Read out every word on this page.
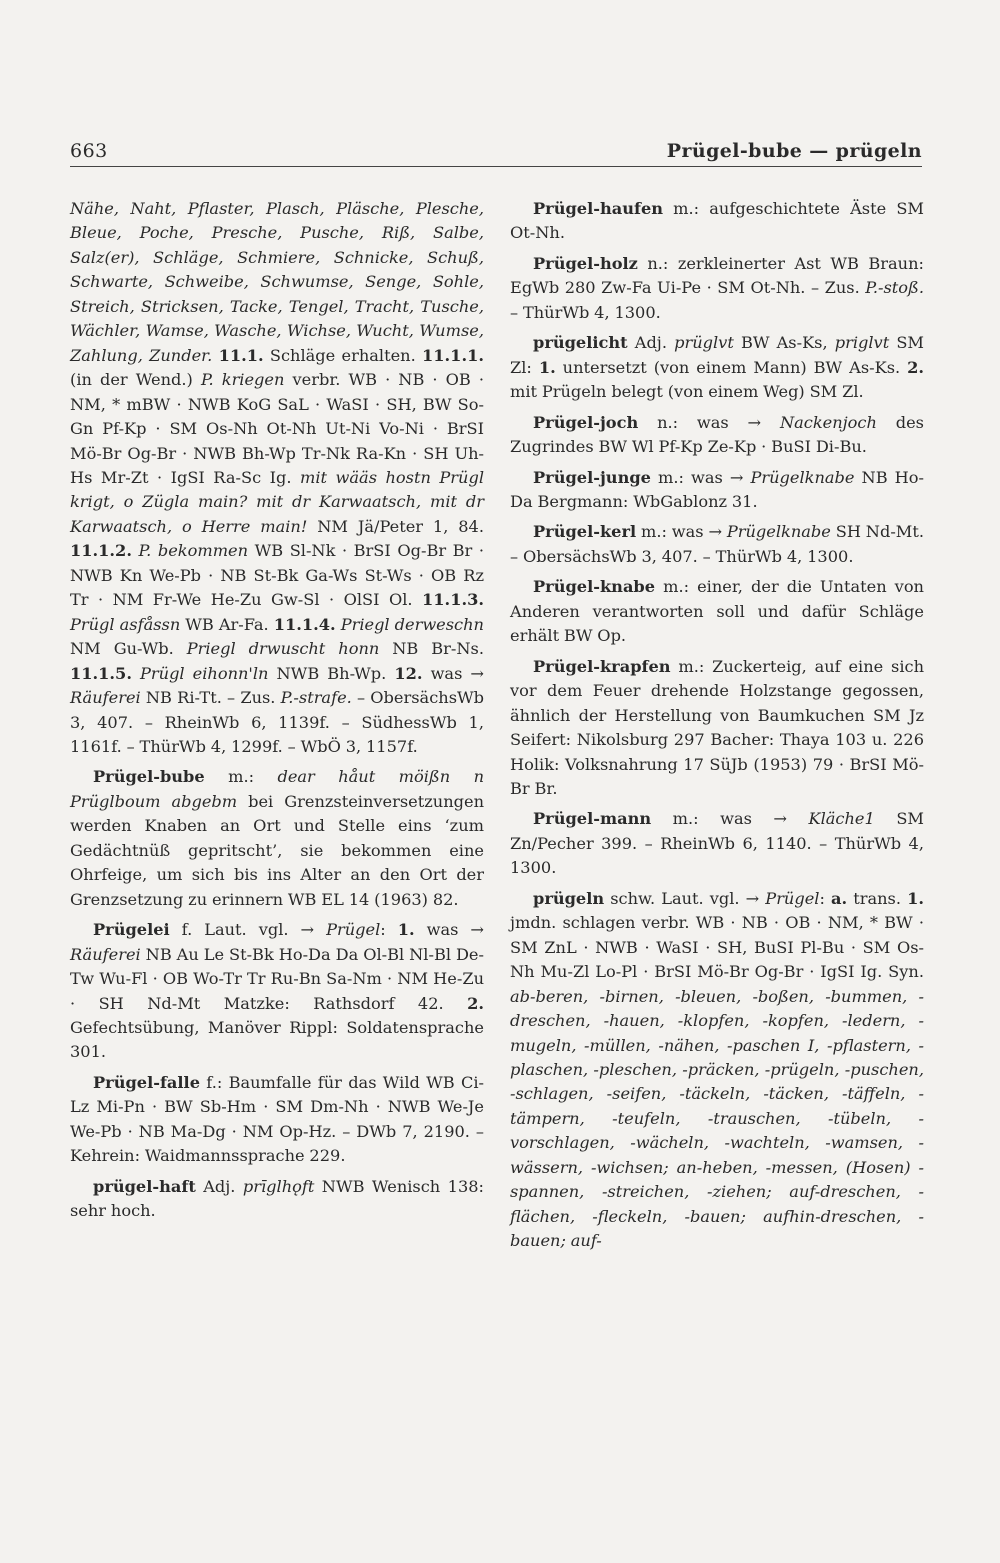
663	Prügel-bube — prügeln

Nähe, Naht, Pflaster, Plasch, Pläsche, Plesche, Bleue, Poche, Presche, Pusche, Riß, Salbe, Salz(er), Schläge, Schmiere, Schnicke, Schuß, Schwarte, Schweibe, Schwumse, Senge, Sohle, Streich, Stricksen, Tacke, Tengel, Tracht, Tusche, Wächler, Wamse, Wasche, Wichse, Wucht, Wumse, Zahlung, Zunder. 11.1. Schläge erhalten. 11.1.1. (in der Wend.) P. kriegen verbr. WB · NB · OB · NM, * mBW · NWB KoG SaL · WaSI · SH, BW So-Gn Pf-Kp · SM Os-Nh Ot-Nh Ut-Ni Vo-Ni · BrSI Mö-Br Og-Br · NWB Bh-Wp Tr-Nk Ra-Kn · SH Uh-Hs Mr-Zt · IgSI Ra-Sc Ig. mit wääs hostn Prügl krigt, o Zügla main? mit dr Karwaatsch, mit dr Karwaatsch, o Herre main! NM Jä/Peter 1, 84. 11.1.2. P. bekommen WB Sl-Nk · BrSI Og-Br Br · NWB Kn We-Pb · NB St-Bk Ga-Ws St-Ws · OB Rz Tr · NM Fr-We He-Zu Gw-Sl · OlSI Ol. 11.1.3. Prügl asfåssn WB Ar-Fa. 11.1.4. Priegl derweschn NM Gu-Wb. Priegl drwuscht honn NB Br-Ns. 11.1.5. Prügl eihonn'ln NWB Bh-Wp. 12. was → Räuferei NB Ri-Tt. – Zus. P.-strafe. – ObersächsWb 3, 407. – RheinWb 6, 1139f. – SüdhessWb 1, 1161f. – ThürWb 4, 1299f. – WbÖ 3, 1157f.

Prügel-bube m.: dear håut möißn n Prüglboum abgebm bei Grenzsteinversetzungen werden Knaben an Ort und Stelle eins ‘zum Gedächtnüß gepritscht’, sie bekommen eine Ohrfeige, um sich bis ins Alter an den Ort der Grenzsetzung zu erinnern WB EL 14 (1963) 82.

Prügelei f. Laut. vgl. → Prügel: 1. was → Räuferei NB Au Le St-Bk Ho-Da Da Ol-Bl Nl-Bl De-Tw Wu-Fl · OB Wo-Tr Tr Ru-Bn Sa-Nm · NM He-Zu · SH Nd-Mt Matzke: Rathsdorf 42. 2. Gefechtsübung, Manöver Rippl: Soldatensprache 301.

Prügel-falle f.: Baumfalle für das Wild WB Ci-Lz Mi-Pn · BW Sb-Hm · SM Dm-Nh · NWB We-Je We-Pb · NB Ma-Dg · NM Op-Hz. – DWb 7, 2190. – Kehrein: Waidmannssprache 229.

prügel-haft Adj. prīglhǫft NWB Wenisch 138: sehr hoch.

Prügel-haufen m.: aufgeschichtete Äste SM Ot-Nh.

Prügel-holz n.: zerkleinerter Ast WB Braun: EgWb 280 Zw-Fa Ui-Pe · SM Ot-Nh. – Zus. P.-stoß. – ThürWb 4, 1300.

prügelicht Adj. prüglvt BW As-Ks, priglvt SM Zl: 1. untersetzt (von einem Mann) BW As-Ks. 2. mit Prügeln belegt (von einem Weg) SM Zl.

Prügel-joch n.: was → Nackenjoch des Zugrindes BW Wl Pf-Kp Ze-Kp · BuSI Di-Bu.

Prügel-junge m.: was → Prügelknabe NB Ho-Da Bergmann: WbGablonz 31.

Prügel-kerl m.: was → Prügelknabe SH Nd-Mt. – ObersächsWb 3, 407. – ThürWb 4, 1300.

Prügel-knabe m.: einer, der die Untaten von Anderen verantworten soll und dafür Schläge erhält BW Op.

Prügel-krapfen m.: Zuckerteig, auf eine sich vor dem Feuer drehende Holzstange gegossen, ähnlich der Herstellung von Baumkuchen SM Jz Seifert: Nikolsburg 297 Bacher: Thaya 103 u. 226 Holik: Volksnahrung 17 SüJb (1953) 79 · BrSI Mö-Br Br.

Prügel-mann m.: was → Kläche1 SM Zn/Pecher 399. – RheinWb 6, 1140. – ThürWb 4, 1300.

prügeln schw. Laut. vgl. → Prügel: a. trans. 1. jmdn. schlagen verbr. WB · NB · OB · NM, * BW · SM ZnL · NWB · WaSI · SH, BuSI Pl-Bu · SM Os-Nh Mu-Zl Lo-Pl · BrSI Mö-Br Og-Br · IgSI Ig. Syn. ab-beren, -birnen, -bleuen, -boßen, -bummen, -dreschen, -hauen, -klopfen, -kopfen, -ledern, -mugeln, -müllen, -nähen, -paschen I, -pflastern, -plaschen, -pleschen, -präcken, -prügeln, -puschen, -schlagen, -seifen, -täckeln, -täcken, -täffeln, -tämpern, -teufeln, -trauschen, -tübeln, -vorschlagen, -wächeln, -wachteln, -wamsen, -wässern, -wichsen; an-heben, -messen, (Hosen) -spannen, -streichen, -ziehen; auf-dreschen, -flächen, -fleckeln, -bauen; aufhin-dreschen, -bauen; auf-
